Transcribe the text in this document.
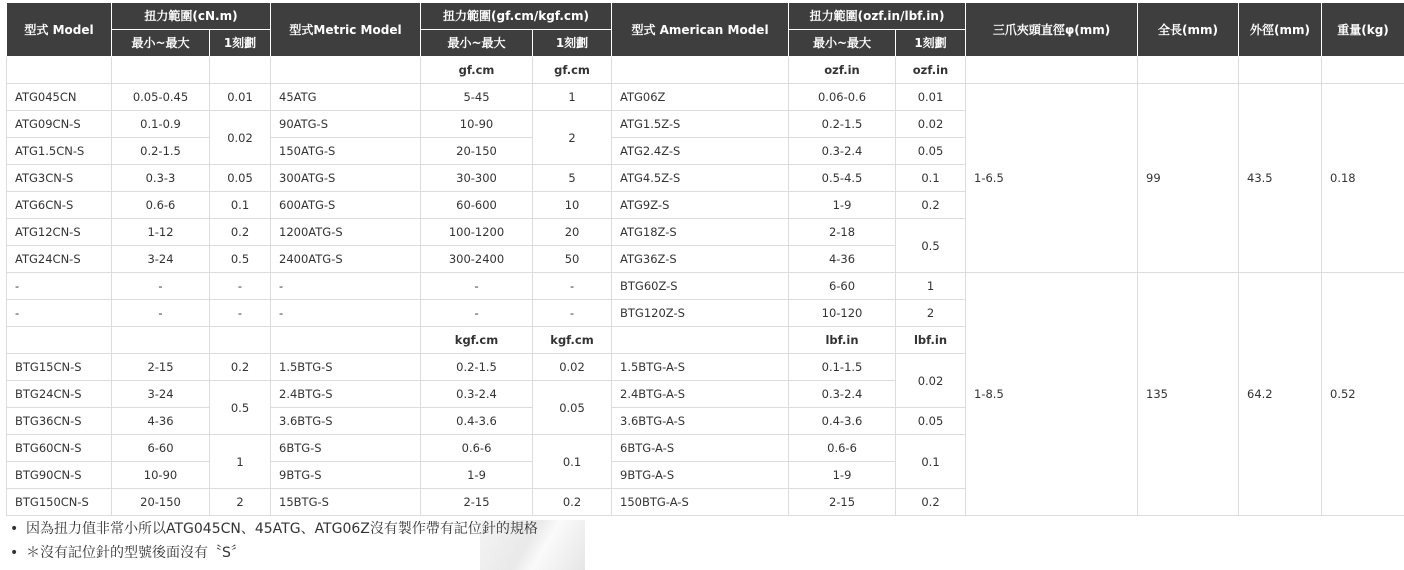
型式 Model	扭力範圍(cN.m)		型式Metric Model	扭力範圍(gf.cm/kgf.cm)		型式 American Model	扭力範圍(ozf.in/lbf.in)		三爪夾頭直徑φ(mm)	全長(mm)	外徑(mm)	重量(kg)
	最小~最大	1刻劃		最小~最大	1刻劃		最小~最大	1刻劃				
				gf.cm	gf.cm		ozf.in	ozf.in				
ATG045CN	0.05-0.45	0.01	45ATG	5-45	1	ATG06Z	0.06-0.6	0.01	1-6.5	99	43.5	0.18
ATG09CN-S	0.1-0.9	0.02	90ATG-S	10-90	2	ATG1.5Z-S	0.2-1.5	0.02				
ATG1.5CN-S	0.2-1.5		150ATG-S	20-150		ATG2.4Z-S	0.3-2.4	0.05				
ATG3CN-S	0.3-3	0.05	300ATG-S	30-300	5	ATG4.5Z-S	0.5-4.5	0.1				
ATG6CN-S	0.6-6	0.1	600ATG-S	60-600	10	ATG9Z-S	1-9	0.2				
ATG12CN-S	1-12	0.2	1200ATG-S	100-1200	20	ATG18Z-S	2-18	0.5				
ATG24CN-S	3-24	0.5	2400ATG-S	300-2400	50	ATG36Z-S	4-36					
-	-	-	-	-	-	BTG60Z-S	6-60	1	1-8.5	135	64.2	0.52
-	-	-	-	-	-	BTG120Z-S	10-120	2				
				kgf.cm	kgf.cm		lbf.in	lbf.in				
BTG15CN-S	2-15	0.2	1.5BTG-S	0.2-1.5	0.02	1.5BTG-A-S	0.1-1.5	0.02				
BTG24CN-S	3-24	0.5	2.4BTG-S	0.3-2.4	0.05	2.4BTG-A-S	0.3-2.4					
BTG36CN-S	4-36		3.6BTG-S	0.4-3.6		3.6BTG-A-S	0.4-3.6	0.05				
BTG60CN-S	6-60	1	6BTG-S	0.6-6	0.1	6BTG-A-S	0.6-6	0.1				
BTG90CN-S	10-90		9BTG-S	1-9		9BTG-A-S	1-9					
BTG150CN-S	20-150	2	15BTG-S	2-15	0.2	150BTG-A-S	2-15	0.2				
• 因為扭力值非常小所以ATG045CN、45ATG、ATG06Z沒有製作帶有記位針的規格
• ＊沒有記位針的型號後面沒有〝S〞
